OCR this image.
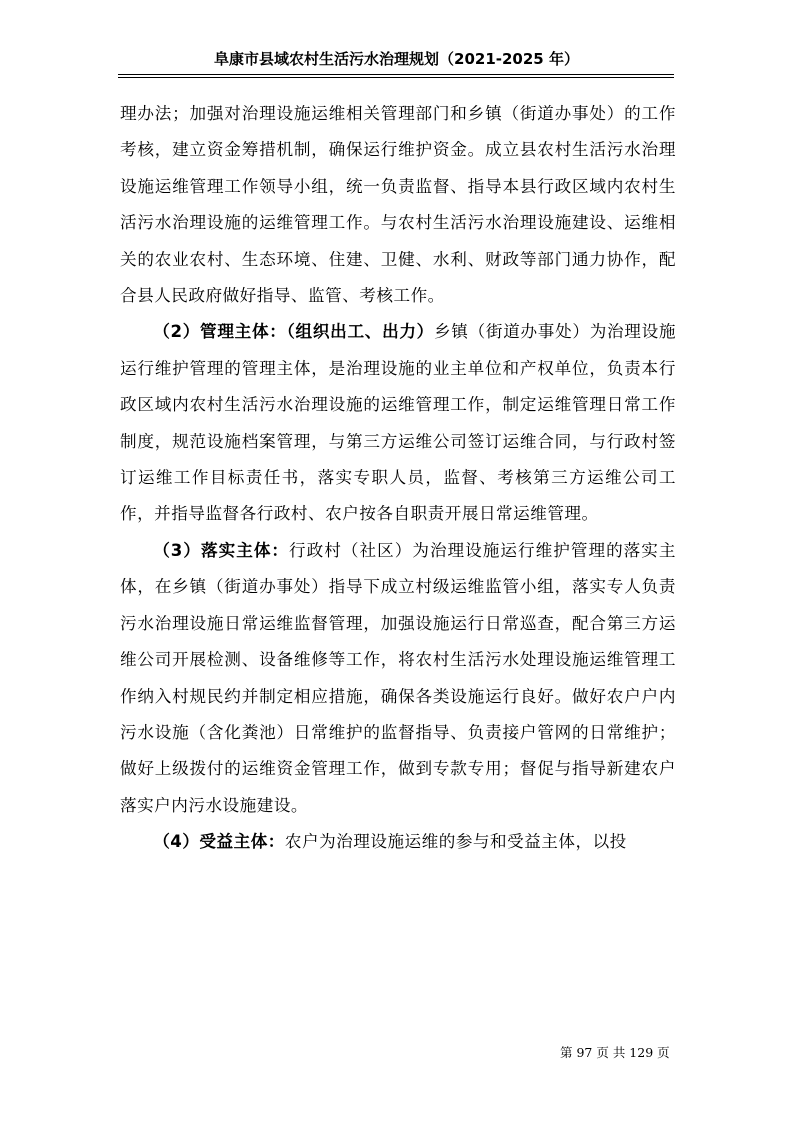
阜康市县域农村生活污水治理规划（2021-2025 年）

理办法；加强对治理设施运维相关管理部门和乡镇（街道办事处）的工作考核，建立资金筹措机制，确保运行维护资金。成立县农村生活污水治理设施运维管理工作领导小组，统一负责监督、指导本县行政区域内农村生活污水治理设施的运维管理工作。与农村生活污水治理设施建设、运维相关的农业农村、生态环境、住建、卫健、水利、财政等部门通力协作，配合县人民政府做好指导、监管、考核工作。

（2）管理主体：（组织出工、出力）乡镇（街道办事处）为治理设施运行维护管理的管理主体，是治理设施的业主单位和产权单位，负责本行政区域内农村生活污水治理设施的运维管理工作，制定运维管理日常工作制度，规范设施档案管理，与第三方运维公司签订运维合同，与行政村签订运维工作目标责任书，落实专职人员，监督、考核第三方运维公司工作，并指导监督各行政村、农户按各自职责开展日常运维管理。

（3）落实主体：行政村（社区）为治理设施运行维护管理的落实主体，在乡镇（街道办事处）指导下成立村级运维监管小组，落实专人负责污水治理设施日常运维监督管理，加强设施运行日常巡查，配合第三方运维公司开展检测、设备维修等工作，将农村生活污水处理设施运维管理工作纳入村规民约并制定相应措施，确保各类设施运行良好。做好农户户内污水设施（含化粪池）日常维护的监督指导、负责接户管网的日常维护；做好上级拨付的运维资金管理工作，做到专款专用；督促与指导新建农户落实户内污水设施建设。

（4）受益主体：农户为治理设施运维的参与和受益主体，以投

第 97 页 共 129 页
